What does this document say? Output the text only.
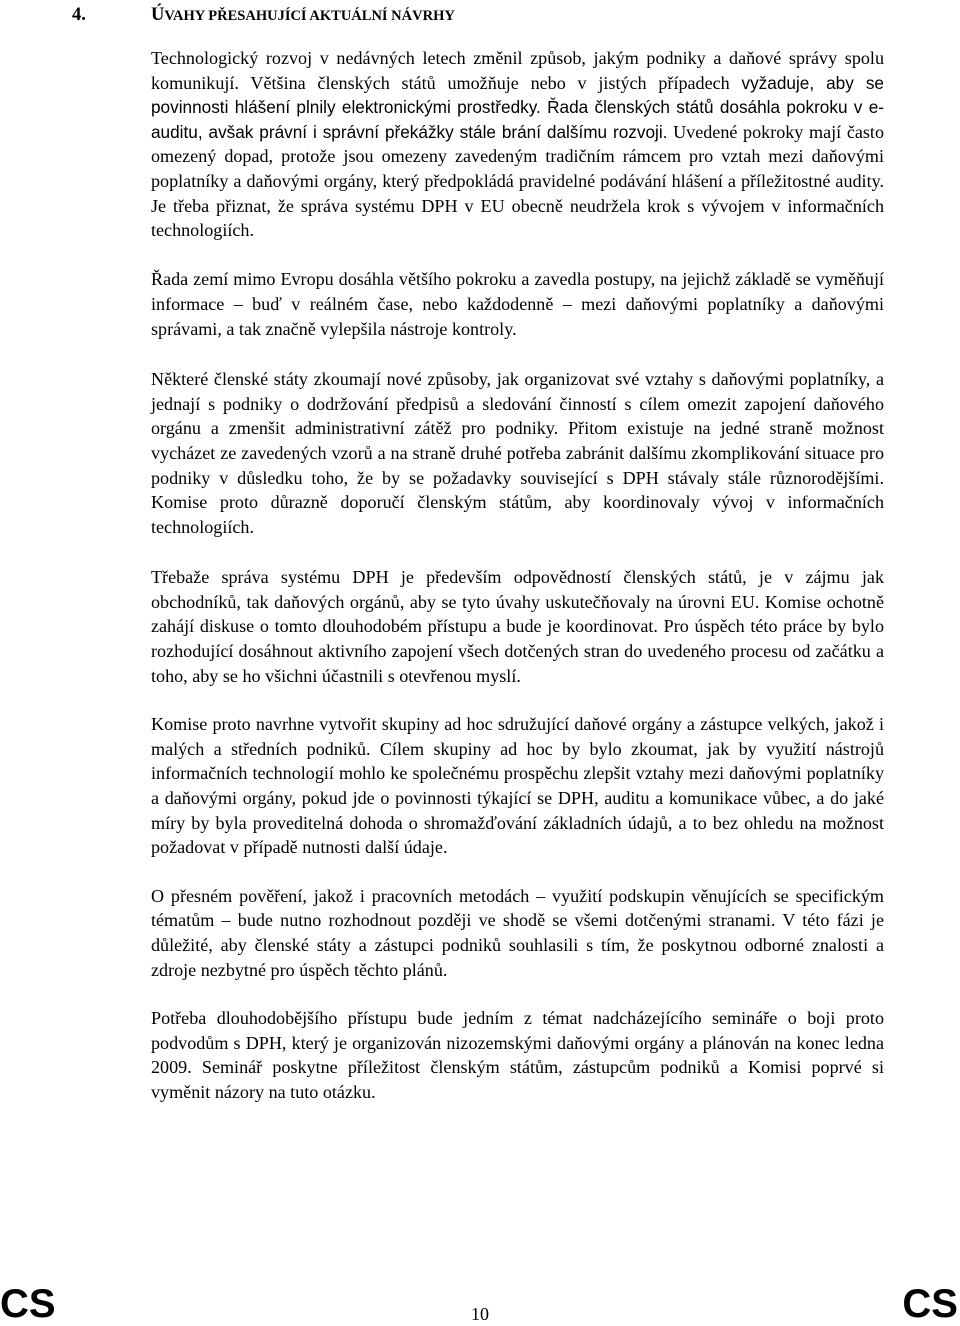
4.	ÚVAHY PŘESAHUJÍCÍ AKTUÁLNÍ NÁVRHY

Technologický rozvoj v nedávných letech změnil způsob, jakým podniky a daňové správy spolu komunikují. Většina členských států umožňuje nebo v jistých případech vyžaduje, aby se povinnosti hlášení plnily elektronickými prostředky. Řada členských států dosáhla pokroku v e-auditu, avšak právní i správní překážky stále brání dalšímu rozvoji. Uvedené pokroky mají často omezený dopad, protože jsou omezeny zavedeným tradičním rámcem pro vztah mezi daňovými poplatníky a daňovými orgány, který předpokládá pravidelné podávání hlášení a příležitostné audity. Je třeba přiznat, že správa systému DPH v EU obecně neudržela krok s vývojem v informačních technologiích.

Řada zemí mimo Evropu dosáhla většího pokroku a zavedla postupy, na jejichž základě se vyměňují informace – buď v reálném čase, nebo každodenně – mezi daňovými poplatníky a daňovými správami, a tak značně vylepšila nástroje kontroly.

Některé členské státy zkoumají nové způsoby, jak organizovat své vztahy s daňovými poplatníky, a jednají s podniky o dodržování předpisů a sledování činností s cílem omezit zapojení daňového orgánu a zmenšit administrativní zátěž pro podniky. Přitom existuje na jedné straně možnost vycházet ze zavedených vzorů a na straně druhé potřeba zabránit dalšímu zkomplikování situace pro podniky v důsledku toho, že by se požadavky související s DPH stávaly stále různorodějšími. Komise proto důrazně doporučí členským státům, aby koordinovaly vývoj v informačních technologiích.

Třebaže správa systému DPH je především odpovědností členských států, je v zájmu jak obchodníků, tak daňových orgánů, aby se tyto úvahy uskutečňovaly na úrovni EU. Komise ochotně zahájí diskuse o tomto dlouhodobém přístupu a bude je koordinovat. Pro úspěch této práce by bylo rozhodující dosáhnout aktivního zapojení všech dotčených stran do uvedeného procesu od začátku a toho, aby se ho všichni účastnili s otevřenou myslí.

Komise proto navrhne vytvořit skupiny ad hoc sdružující daňové orgány a zástupce velkých, jakož i malých a středních podniků. Cílem skupiny ad hoc by bylo zkoumat, jak by využití nástrojů informačních technologií mohlo ke společnému prospěchu zlepšit vztahy mezi daňovými poplatníky a daňovými orgány, pokud jde o povinnosti týkající se DPH, auditu a komunikace vůbec, a do jaké míry by byla proveditelná dohoda o shromažďování základních údajů, a to bez ohledu na možnost požadovat v případě nutnosti další údaje.

O přesném pověření, jakož i pracovních metodách – využití podskupin věnujících se specifickým tématům – bude nutno rozhodnout později ve shodě se všemi dotčenými stranami. V této fázi je důležité, aby členské státy a zástupci podniků souhlasili s tím, že poskytnou odborné znalosti a zdroje nezbytné pro úspěch těchto plánů.

Potřeba dlouhodobějšího přístupu bude jedním z témat nadcházejícího semináře o boji proto podvodům s DPH, který je organizován nizozemskými daňovými orgány a plánován na konec ledna 2009. Seminář poskytne příležitost členským státům, zástupcům podniků a Komisi poprvé si vyměnit názory na tuto otázku.

CS	10	CS
